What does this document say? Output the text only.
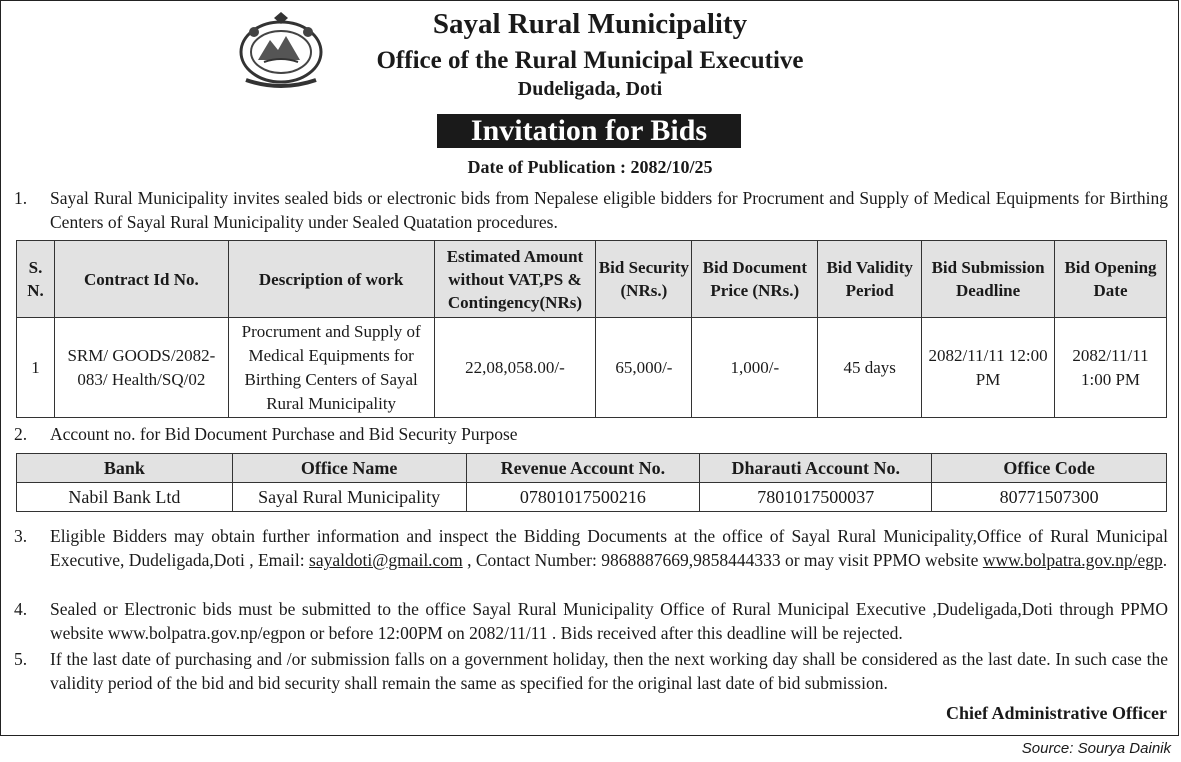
Sayal Rural Municipality
Office of the Rural Municipal Executive
Dudeligada, Doti
Invitation for Bids
Date of Publication : 2082/10/25
1.	Sayal Rural Municipality invites sealed bids or electronic bids from Nepalese eligible bidders for Procrument and Supply of Medical Equipments for Birthing Centers of Sayal Rural Municipality under Sealed Quatation procedures.
S. N.	Contract Id No.	Description of work	Estimated Amount without VAT,PS & Contingency(NRs)	Bid Security (NRs.)	Bid Document Price (NRs.)	Bid Validity Period	Bid Submission Deadline	Bid Opening Date
1	SRM/ GOODS/2082-083/ Health/SQ/02	Procrument and Supply of Medical Equipments for Birthing Centers of Sayal Rural Municipality	22,08,058.00/-	65,000/-	1,000/-	45 days	2082/11/11 12:00 PM	2082/11/11 1:00 PM
2.	Account no. for Bid Document Purchase and Bid Security Purpose
Bank	Office Name	Revenue Account No.	Dharauti Account No.	Office Code
Nabil Bank Ltd	Sayal Rural Municipality	07801017500216	7801017500037	80771507300
3.	Eligible Bidders may obtain further information and inspect the Bidding Documents at the office of Sayal Rural Municipality,Office of Rural Municipal Executive, Dudeligada,Doti , Email: sayaldoti@gmail.com , Contact Number: 9868887669,9858444333 or may visit PPMO website www.bolpatra.gov.np/egp.
4.	Sealed or Electronic bids must be submitted to the office Sayal Rural Municipality Office of Rural Municipal Executive ,Dudeligada,Doti through PPMO website www.bolpatra.gov.np/egpon or before 12:00PM on 2082/11/11 . Bids received after this deadline will be rejected.
5.	If the last date of purchasing and /or submission falls on a government holiday, then the next working day shall be considered as the last date. In such case the validity period of the bid and bid security shall remain the same as specified for the original last date of bid submission.
Chief Administrative Officer
Source: Sourya Dainik
